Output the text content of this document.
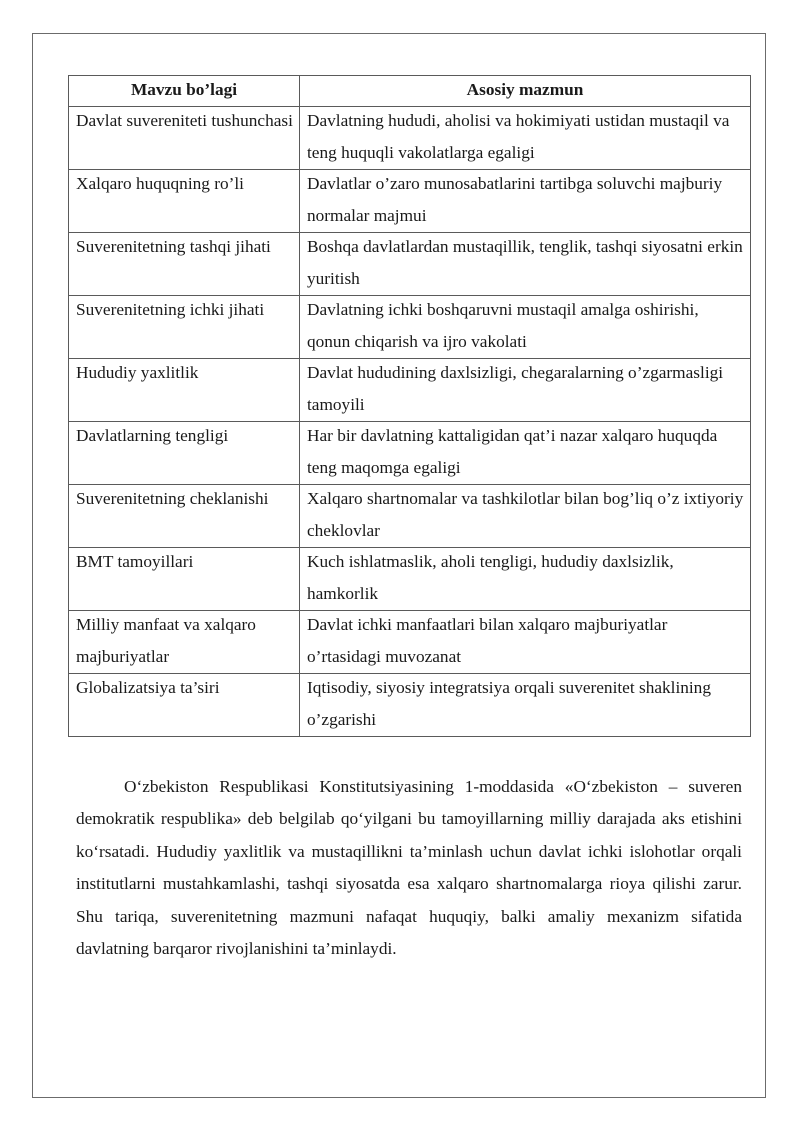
Mavzu bo’lagi	Asosiy mazmun

Davlat suvereniteti tushunchasi	Davlatning hududi, aholisi va hokimiyati ustidan mustaqil va teng huquqli vakolatlarga egaligi

Xalqaro huquqning ro’li	Davlatlar o’zaro munosabatlarini tartibga soluvchi majburiy normalar majmui

Suverenitetning tashqi jihati	Boshqa davlatlardan mustaqillik, tenglik, tashqi siyosatni erkin yuritish

Suverenitetning ichki jihati	Davlatning ichki boshqaruvni mustaqil amalga oshirishi, qonun chiqarish va ijro vakolati

Hududiy yaxlitlik	Davlat hududining daxlsizligi, chegaralarning o’zgarmasligi tamoyili

Davlatlarning tengligi	Har bir davlatning kattaligidan qat’i nazar xalqaro huquqda teng maqomga egaligi

Suverenitetning cheklanishi	Xalqaro shartnomalar va tashkilotlar bilan bog’liq o’z ixtiyoriy cheklovlar

BMT tamoyillari	Kuch ishlatmaslik, aholi tengligi, hududiy daxlsizlik, hamkorlik

Milliy manfaat va xalqaro majburiyatlar	Davlat ichki manfaatlari bilan xalqaro majburiyatlar o’rtasidagi muvozanat

Globalizatsiya ta’siri	Iqtisodiy, siyosiy integratsiya orqali suverenitet shaklining o’zgarishi

O‘zbekiston Respublikasi Konstitutsiyasining 1-moddasida «O‘zbekiston – suveren demokratik respublika» deb belgilab qo‘yilgani bu tamoyillarning milliy darajada aks etishini ko‘rsatadi. Hududiy yaxlitlik va mustaqillikni ta’minlash uchun davlat ichki islohotlar orqali institutlarni mustahkamlashi, tashqi siyosatda esa xalqaro shartnomalarga rioya qilishi zarur. Shu tariqa, suverenitetning mazmuni nafaqat huquqiy, balki amaliy mexanizm sifatida davlatning barqaror rivojlanishini ta’minlaydi.
